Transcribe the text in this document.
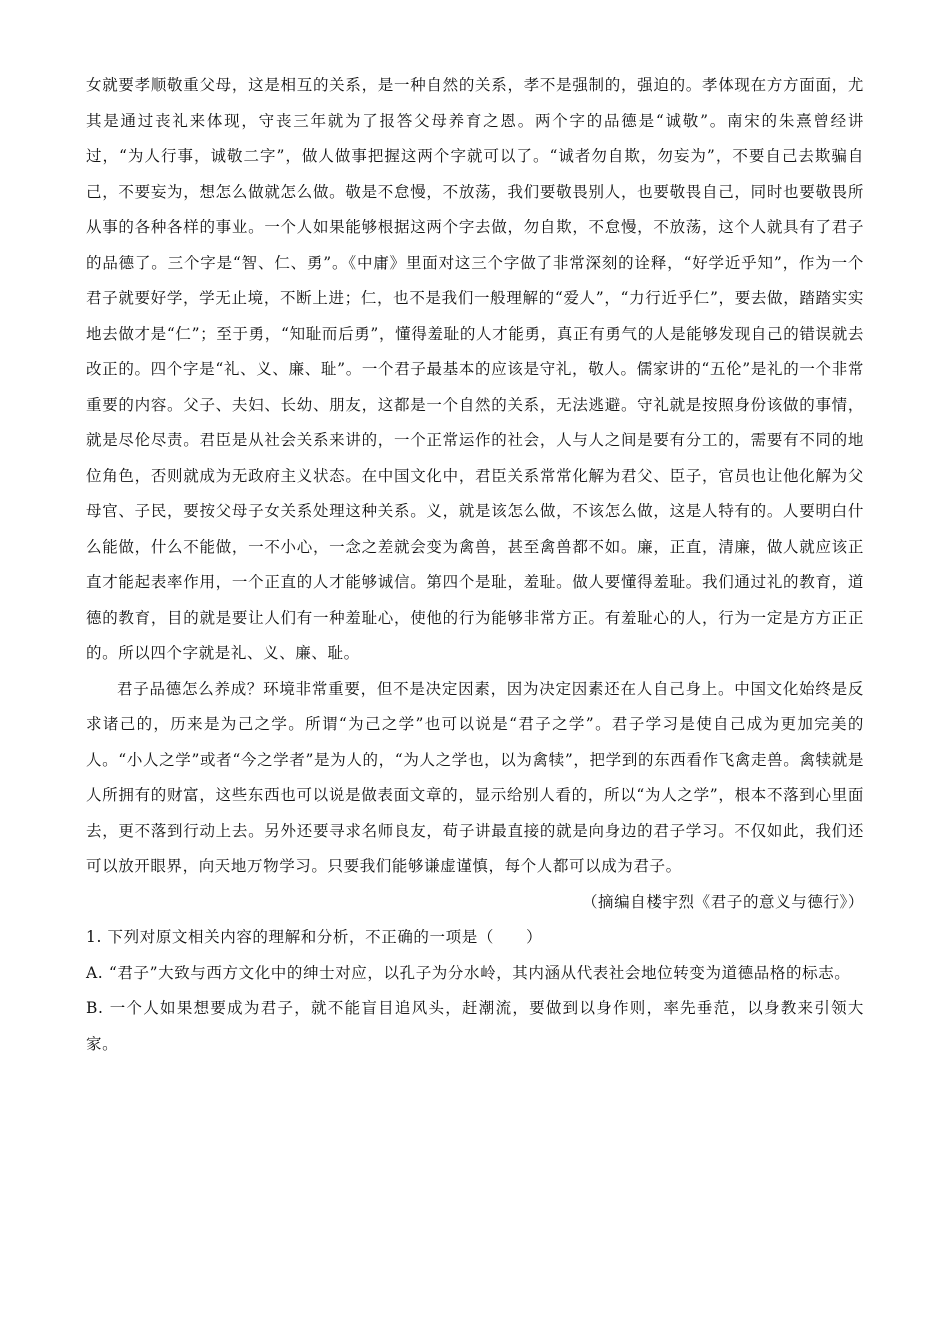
女就要孝顺敬重父母，这是相互的关系，是一种自然的关系，孝不是强制的，强迫的。孝体现在方方面面，尤其是通过丧礼来体现，守丧三年就为了报答父母养育之恩。两个字的品德是“诚敬”。南宋的朱熹曾经讲过，“为人行事，诚敬二字”，做人做事把握这两个字就可以了。“诚者勿自欺，勿妄为”，不要自己去欺骗自己，不要妄为，想怎么做就怎么做。敬是不怠慢，不放荡，我们要敬畏别人，也要敬畏自己，同时也要敬畏所从事的各种各样的事业。一个人如果能够根据这两个字去做，勿自欺，不怠慢，不放荡，这个人就具有了君子的品德了。三个字是“智、仁、勇”。《中庸》里面对这三个字做了非常深刻的诠释，“好学近乎知”，作为一个君子就要好学，学无止境，不断上进；仁，也不是我们一般理解的“爱人”，“力行近乎仁”，要去做，踏踏实实地去做才是“仁”；至于勇，“知耻而后勇”，懂得羞耻的人才能勇，真正有勇气的人是能够发现自己的错误就去改正的。四个字是“礼、义、廉、耻”。一个君子最基本的应该是守礼，敬人。儒家讲的“五伦”是礼的一个非常重要的内容。父子、夫妇、长幼、朋友，这都是一个自然的关系，无法逃避。守礼就是按照身份该做的事情，就是尽伦尽责。君臣是从社会关系来讲的，一个正常运作的社会，人与人之间是要有分工的，需要有不同的地位角色，否则就成为无政府主义状态。在中国文化中，君臣关系常常化解为君父、臣子，官员也让他化解为父母官、子民，要按父母子女关系处理这种关系。义，就是该怎么做，不该怎么做，这是人特有的。人要明白什么能做，什么不能做，一不小心，一念之差就会变为禽兽，甚至禽兽都不如。廉，正直，清廉，做人就应该正直才能起表率作用，一个正直的人才能够诚信。第四个是耻，羞耻。做人要懂得羞耻。我们通过礼的教育，道德的教育，目的就是要让人们有一种羞耻心，使他的行为能够非常方正。有羞耻心的人，行为一定是方方正正的。所以四个字就是礼、义、廉、耻。

君子品德怎么养成？环境非常重要，但不是决定因素，因为决定因素还在人自己身上。中国文化始终是反求诸己的，历来是为己之学。所谓“为己之学”也可以说是“君子之学”。君子学习是使自己成为更加完美的人。“小人之学”或者“今之学者”是为人的，“为人之学也，以为禽犊”，把学到的东西看作飞禽走兽。禽犊就是人所拥有的财富，这些东西也可以说是做表面文章的，显示给别人看的，所以“为人之学”，根本不落到心里面去，更不落到行动上去。另外还要寻求名师良友，荀子讲最直接的就是向身边的君子学习。不仅如此，我们还可以放开眼界，向天地万物学习。只要我们能够谦虚谨慎，每个人都可以成为君子。

（摘编自楼宇烈《君子的意义与德行》）

1. 下列对原文相关内容的理解和分析，不正确的一项是（　　）

A. “君子”大致与西方文化中的绅士对应，以孔子为分水岭，其内涵从代表社会地位转变为道德品格的标志。

B. 一个人如果想要成为君子，就不能盲目追风头，赶潮流，要做到以身作则，率先垂范，以身教来引领大家。
